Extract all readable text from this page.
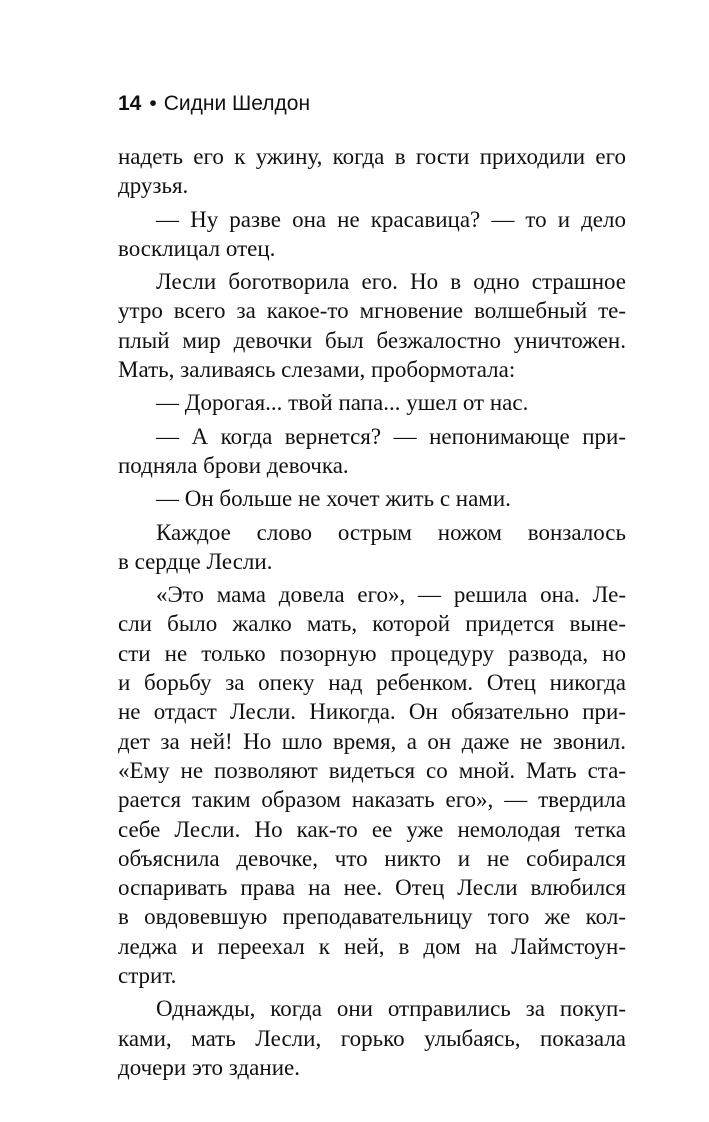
14 • Сидни Шелдон
надеть его к ужину, когда в гости приходили его
друзья.
— Ну разве она не красавица? — то и дело
восклицал отец.
Лесли боготворила его. Но в одно страшное
утро всего за какое-то мгновение волшебный те-
плый мир девочки был безжалостно уничтожен.
Мать, заливаясь слезами, пробормотала:
— Дорогая... твой папа... ушел от нас.
— А когда вернется? — непонимающе при-
подняла брови девочка.
— Он больше не хочет жить с нами.
Каждое слово острым ножом вонзалось
в сердце Лесли.
«Это мама довела его», — решила она. Ле-
сли было жалко мать, которой придется выне-
сти не только позорную процедуру развода, но
и борьбу за опеку над ребенком. Отец никогда
не отдаст Лесли. Никогда. Он обязательно при-
дет за ней! Но шло время, а он даже не звонил.
«Ему не позволяют видеться со мной. Мать ста-
рается таким образом наказать его», — твердила
себе Лесли. Но как-то ее уже немолодая тетка
объяснила девочке, что никто и не собирался
оспаривать права на нее. Отец Лесли влюбился
в овдовевшую преподавательницу того же кол-
леджа и переехал к ней, в дом на Лаймстоун-
стрит.
Однажды, когда они отправились за покуп-
ками, мать Лесли, горько улыбаясь, показала
дочери это здание.
